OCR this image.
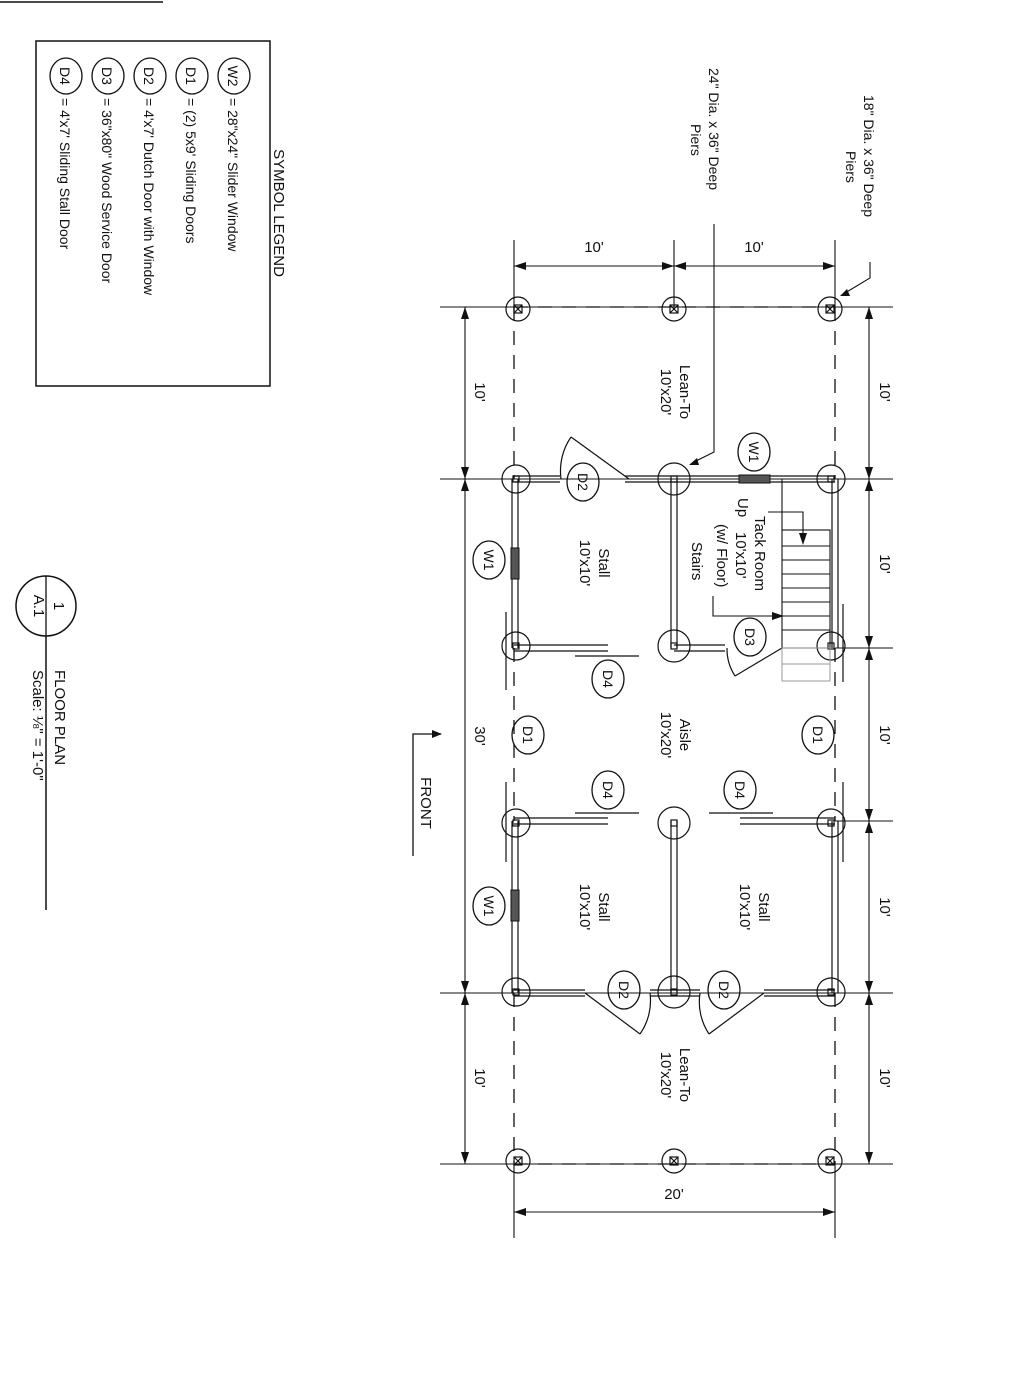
SYMBOL LEGEND
W2
= 28"x24" Slider Window
D1
= (2) 5x9' Sliding Doors
D2
= 4'x7' Dutch Door with Window
D3
= 36"x80" Wood Service Door
D4
= 4'x7' Sliding Stall Door
1
A.1
FLOOR PLAN
Scale: ⅛" = 1'-0"
FRONT
24" Dia. x 36" Deep
Piers	18" Dia. x 36" Deep
Piers
10'	10'
20'
10'
30'
10'
10'
10'
10'
10'
10'
W1
W1
W1
D2
D2	D2
D3
D4
D4	D4
D1	D1
Lean-To
10'x20'
Stall
10'x10'	Tack Room
10'x10'
(w/ Floor)
Stairs
Up
Aisle
10'x20'
Stall
10'x10'	Stall
10'x10'
Lean-To
10'x20'
